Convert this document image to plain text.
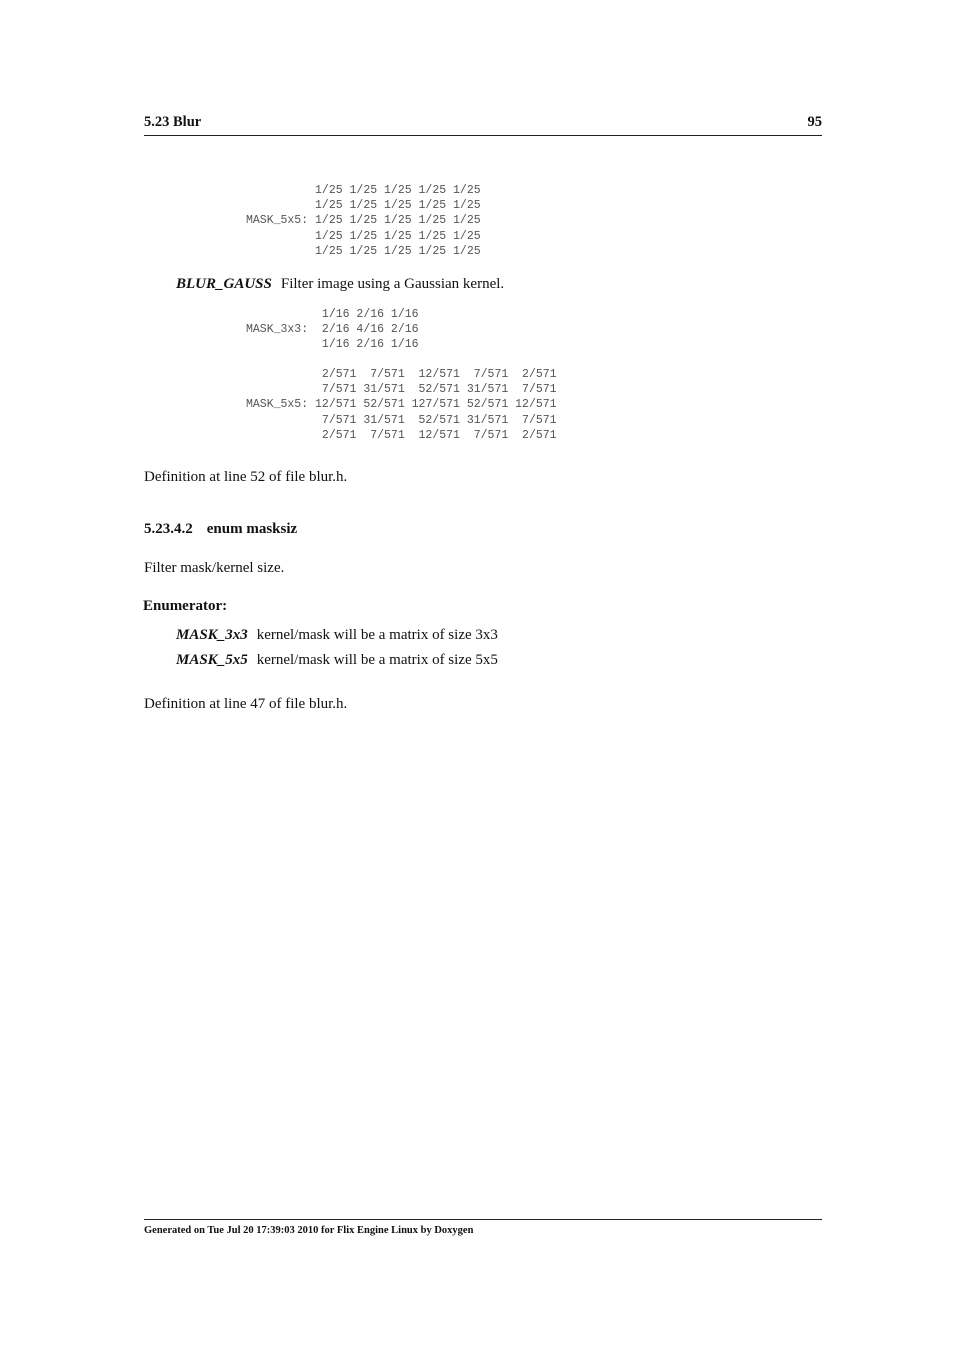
5.23 Blur	95
1/25 1/25 1/25 1/25 1/25
1/25 1/25 1/25 1/25 1/25
MASK_5x5: 1/25 1/25 1/25 1/25 1/25
1/25 1/25 1/25 1/25 1/25
1/25 1/25 1/25 1/25 1/25
BLUR_GAUSS Filter image using a Gaussian kernel.
1/16 2/16 1/16
MASK_3x3:  2/16 4/16 2/16
1/16 2/16 1/16
2/571  7/571  12/571  7/571  2/571
7/571 31/571  52/571 31/571  7/571
MASK_5x5: 12/571 52/571 127/571 52/571 12/571
7/571 31/571  52/571 31/571  7/571
2/571  7/571  12/571  7/571  2/571
Definition at line 52 of file blur.h.
5.23.4.2 enum masksiz
Filter mask/kernel size.
Enumerator:
MASK_3x3 kernel/mask will be a matrix of size 3x3
MASK_5x5 kernel/mask will be a matrix of size 5x5
Definition at line 47 of file blur.h.
Generated on Tue Jul 20 17:39:03 2010 for Flix Engine Linux by Doxygen
